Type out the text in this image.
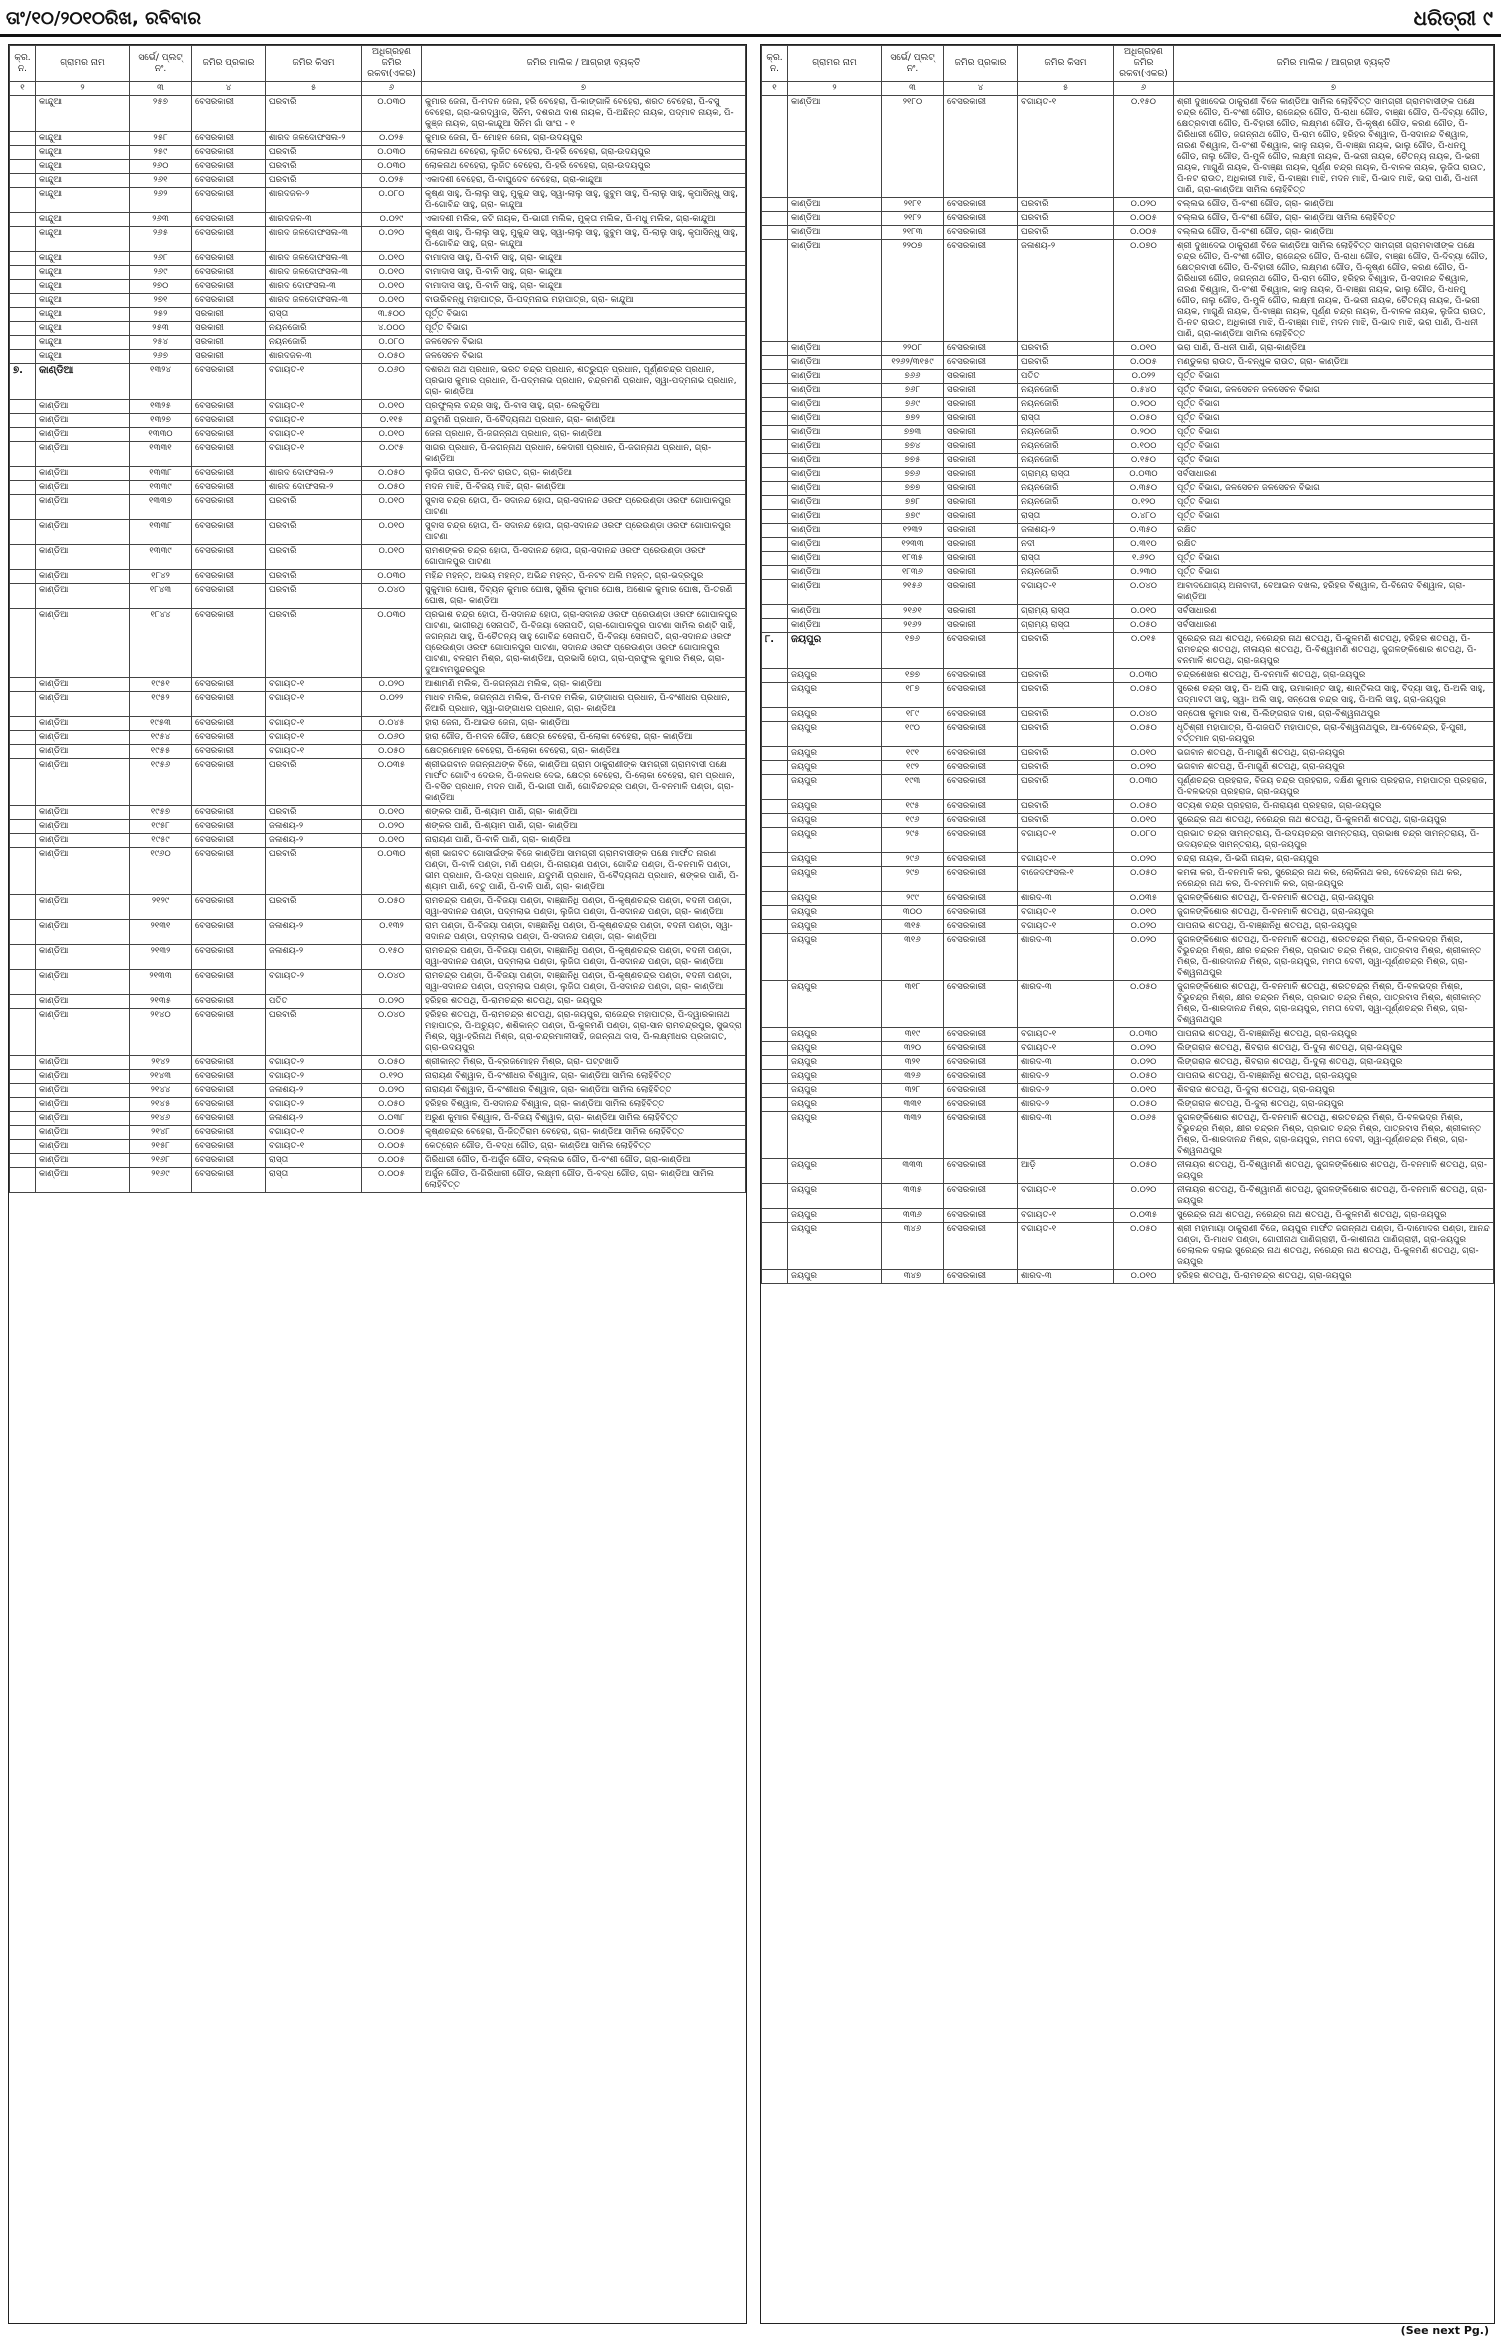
ତାଂ/୧୦/୨୦୧୦ରିଖ, ରବିବାର	ଧରିତ୍ରୀ ୯
କ୍ର. ନ.	ଗ୍ରାମର ନାମ	ସର୍ଭେ/ ପ୍ଲଟ୍ ନଂ.	ଜମିର ପ୍ରକାର	ଜମିର କିସମ	ଅଧିଗ୍ରହଣ ଜମିର ରକବା(ଏକର)	ଜମିର ମାଲିକ / ଆଗ୍ରହୀ ବ୍ୟକ୍ତି
୧	୨	୩	୪	୫	୬	୭
	କାନ୍ଦୁଆ	୨୫୭	ବେସରକାରୀ	ଘରବାରି	୦.୦୩୦	କୁମାର ଜେନା, ପି-ମଦନ ଜେନା, ହରି ବେହେରା, ପି-କାଙ୍ଗାଳି ବେହେରା, ଶରତ ବେହେରା, ପି-ବସୁ ବେହେରା, ଗ୍ରା-ଭରଦ୍ୱାଜ, ସିନିମ, ଦଶରଥ ଦାଶ ନାୟକ, ପି-ଅଛିନ୍ତ ନାୟକ, ପଦ୍ମାବ ନାୟକ, ପି-କୁଞ୍ଜ ନାୟକ, ଗ୍ରା-କାନ୍ଦୁଆ ସିନିମ ଗାଁ ସାଂଘ - ୧
	କାନ୍ଦୁଆ	୨୫୮	ବେସରକାରୀ	ଶାରଦ ଜଳଦୋଫସଲ-୨	୦.୦୨୫	କୁମାର ଜେନା, ପି- ମୋହନ ଜେନା, ଗ୍ରା-ଉଦୟପୁର
	କାନ୍ଦୁଆ	୨୫୯	ବେସରକାରୀ	ଘରବାରି	୦.୦୩୦	ଲୋକନାଥ ବେହେରା, ଲୁଜିତ ବେହେରା, ପି-ହରି ବେହେରା, ଗ୍ରା-ଉଦୟପୁର
	କାନ୍ଦୁଆ	୨୬୦	ବେସରକାରୀ	ଘରବାରି	୦.୦୩୦	ଲୋକନାଥ ବେହେରା, ଲୁଜିତ ବେହେରା, ପି-ହରି ବେହେରା, ଗ୍ରା-ଉଦୟପୁର
	କାନ୍ଦୁଆ	୨୬୧	ବେସରକାରୀ	ଘରବାରି	୦.୦୨୫	ଏକାଦଶୀ ବେହେରା, ପି-ବାଘୁଦେବ ବେହେରା, ଗ୍ରା-କାନ୍ଦୁଆ
	କାନ୍ଦୁଆ	୨୬୨	ବେସରକାରୀ	ଶାରଦଜଳ-୨	୦.୦୮୦	କୃଷ୍ଣ ସାହୁ, ପି-ଲାଲୁ ସାହୁ, ମୁକୁନ୍ଦ ସାହୁ, ସ୍ୱା-ଲାଲୁ ସାହୁ, ଜୁବୁମ ସାହୁ, ପି-ଲାଲୁ ସାହୁ, କୃପାସିନ୍ଧୁ ସାହୁ, ପି-ଗୋବିନ୍ଦ ସାହୁ, ଗ୍ରା- କାନ୍ଦୁଆ
	କାନ୍ଦୁଆ	୨୬୩	ବେସରକାରୀ	ଶାରଦଜଳ-୩	୦.୦୨୯	ଏକାଦଶୀ ମଲିକ, ଜଟି ନାୟକ, ପି-ଭାଗୀ ମଲିକ, ମୁକ୍ତା ମଲିକ, ପି-ମଧୁ ମଲିକ, ଗ୍ରା-କାନ୍ଦୁଆ
	କାନ୍ଦୁଆ	୨୬୫	ବେସରକାରୀ	ଶାରଦ ଜଳଦୋଫସଲ-୩	୦.୦୨୦	କୃଷ୍ଣ ସାହୁ, ପି-ଲାଲୁ ସାହୁ, ମୁକୁନ୍ଦ ସାହୁ, ସ୍ୱା-ଲାଲୁ ସାହୁ, ଜୁବୁମ ସାହୁ, ପି-ଲାଲୁ ସାହୁ, କୃପାସିନ୍ଧୁ ସାହୁ, ପି-ଗୋବିନ୍ଦ ସାହୁ, ଗ୍ରା- କାନ୍ଦୁଆ
	କାନ୍ଦୁଆ	୨୬୮	ବେସରକାରୀ	ଶାରଦ ଜଳଦୋଫସଲ-୩	୦.୦୧୦	ବାମାଦାସ ସାହୁ, ପି-ବାଳି ସାହୁ, ଗ୍ରା- କାନ୍ଦୁଆ
	କାନ୍ଦୁଆ	୨୬୯	ବେସରକାରୀ	ଶାରଦ ଜଳଦୋଫସଲ-୩	୦.୦୧୦	ବାମାଦାସ ସାହୁ, ପି-ବାଳି ସାହୁ, ଗ୍ରା- କାନ୍ଦୁଆ
	କାନ୍ଦୁଆ	୨୭୦	ବେସରକାରୀ	ଶାରଦ ଦୋଫସଲ-୩	୦.୦୧୦	ବାମାଦାସ ସାହୁ, ପି-ବାଳି ସାହୁ, ଗ୍ରା- କାନ୍ଦୁଆ
	କାନ୍ଦୁଆ	୨୭୧	ବେସରକାରୀ	ଶାରଦ ଜଳଦୋଫସଲ-୩	୦.୦୧୦	ବାଉରିବନ୍ଧୁ ମହାପାତ୍ର, ପି-ପଦ୍ମନାଭ ମହାପାତ୍ର, ଗ୍ରା- କାନ୍ଦୁଆ
	କାନ୍ଦୁଆ	୨୫୨	ସରକାରୀ	ରାସ୍ତା	୩.୫୦୦	ପୂର୍ତ୍ତ ବିଭାଗ
	କାନ୍ଦୁଆ	୨୫୩	ସରକାରୀ	ନୟନଜୋରି	୪.୦୦୦	ପୂର୍ତ୍ତ ବିଭାଗ
	କାନ୍ଦୁଆ	୨୫୪	ସରକାରୀ	ନୟନଜୋରି	୦.୦୮୦	ଜଳସେଚନ ବିଭାଗ
	କାନ୍ଦୁଆ	୨୬୭	ସରକାରୀ	ଶାରଦଜଳ-୩	୦.୦୫୦	ଜଳସେଚନ ବିଭାଗ
୭.	କାଣ୍ଡିଆ	୧୩୨୪	ବେସରକାରୀ	ବଗାୟତ-୧	୦.୦୬୦	ଦଶରଥ ନାଥ ପ୍ରଧାନ, ଭରତ ଚନ୍ଦ୍ର ପ୍ରଧାନ, ଶତ୍ରୁଘ୍ନ ପ୍ରଧାନ, ପୂର୍ଣ୍ଣଚନ୍ଦ୍ର ପ୍ରଧାନ, ପ୍ରଭାସ କୁମାର ପ୍ରଧାନ, ପି-ପଦ୍ମନାଭ ପ୍ରଧାନ, ଚନ୍ଦ୍ରମଣି ପ୍ରଧାନ, ସ୍ୱା-ପଦ୍ମନାଭ ପ୍ରଧାନ, ଗ୍ରା- କାଣ୍ଡିଆ
	କାଣ୍ଡିଆ	୧୩୨୫	ବେସରକାରୀ	ବଗାୟତ-୧	୦.୦୧୦	ପ୍ରଫୁଲ୍ଲ ଚନ୍ଦ୍ର ସାହୁ, ପି-ବାସ ସାହୁ, ଗ୍ରା- ଲେକୁଡିଆ
	କାଣ୍ଡିଆ	୧୩୨୭	ବେସରକାରୀ	ବଗାୟତ-୧	୦.୧୧୫	ଯଦୁମଣି ପ୍ରଧାନ, ପି-ବୈଦ୍ୟନାଥ ପ୍ରଧାନ, ଗ୍ରା- କାଣ୍ଡିଆ
	କାଣ୍ଡିଆ	୧୩୩୦	ବେସରକାରୀ	ବଗାୟତ-୧	୦.୦୧୦	ଜେନା ପ୍ରଧାନ, ପି-ଜଗନ୍ନାଥ ପ୍ରଧାନ, ଗ୍ରା- କାଣ୍ଡିଆ
	କାଣ୍ଡିଆ	୧୩୩୧	ବେସରକାରୀ	ବଗାୟତ-୧	୦.୦୯୫	ସାଗର ପ୍ରଧାନ, ପି-ଜଗନ୍ନାଥ ପ୍ରଧାନ, କେଦାରୀ ପ୍ରଧାନ, ପି-ଜଗନ୍ନାଥ ପ୍ରଧାନ, ଗ୍ରା- କାଣ୍ଡିଆ
	କାଣ୍ଡିଆ	୧୩୩୮	ବେସରକାରୀ	ଶାରଦ ଦୋଫସଲ-୨	୦.୦୫୦	ଲୁଜିତା ରାଉତ, ପି-ନଟ ରାଉତ, ଗ୍ରା- କାଣ୍ଡିଆ
	କାଣ୍ଡିଆ	୧୩୩୯	ବେସରକାରୀ	ଶାରଦ ଦୋଫସଲ-୨	୦.୦୫୦	ମଦନ ମାଝି, ପି-ବିଜୟ ମାଝି, ଗ୍ରା- କାଣ୍ଡିଆ
	କାଣ୍ଡିଆ	୧୩୩୭	ବେସରକାରୀ	ଘରବାରି	୦.୦୧୦	ସୁବାସ ଚନ୍ଦ୍ର ହୋତା, ପି- ସଦାନନ୍ଦ ହୋତା, ଗ୍ରା-ସଦାନନ୍ଦ ଓରଫ ପ୍ରେଉଣ୍ଡା ଓରଫ ଗୋପାଳପୁର ପାଟଣା
	କାଣ୍ଡିଆ	୧୩୩୮	ବେସରକାରୀ	ଘରବାରି	୦.୦୧୦	ସୁବାସ ଚନ୍ଦ୍ର ହୋତା, ପି- ସଦାନନ୍ଦ ହୋତା, ଗ୍ରା-ସଦାନନ୍ଦ ଓରଫ ପ୍ରେଉଣ୍ଡା ଓରଫ ଗୋପାଳପୁର ପାଟଣା
	କାଣ୍ଡିଆ	୧୩୩୯	ବେସରକାରୀ	ଘରବାରି	୦.୦୧୦	ରାମଶଙ୍କର ଚନ୍ଦ୍ର ହୋତା, ପି-ସଦାନନ୍ଦ ହୋତା, ଗ୍ରା-ସଦାନନ୍ଦ ଓରଫ ପ୍ରେଉଣ୍ଡା ଓରଫ ଗୋପାଳପୁର ପାଟଣା
	କାଣ୍ଡିଆ	୧୮୪୨	ବେସରକାରୀ	ଘରବାରି	୦.୦୩୦	ମହିନ୍ଦ ମହନ୍ତ, ଅଭୟ ମହନ୍ତ, ଅଭିନ୍ଦ ମହନ୍ତ, ପି-ନଟବ ଅଲି ମହନ୍ତ, ଗ୍ରା-ଭଦ୍ରପୁର
	କାଣ୍ଡିଆ	୧୮୪୩	ବେସରକାରୀ	ଘରବାରି	୦.୦୪୦	ସୁକୁମାର ଘୋଷ, ଦିବ୍ୟନ କୁମାର ଘୋଷ, ସୁଶିଲ କୁମାର ଘୋଷ, ଅଶୋକ କୁମାର ଘୋଷ, ପି-ତରଣି ଘୋଷ, ଗ୍ରା- କାଣ୍ଡିଆ
	କାଣ୍ଡିଆ	୧୮୪୪	ବେସରକାରୀ	ଘରବାରି	୦.୦୩୦	ପ୍ରଭାଶ ଚନ୍ଦ୍ର ହୋତା, ପି-ସଦାନନ୍ଦ ହୋତା, ଗ୍ରା-ସଦାନନ୍ଦ ଓରଫ ପ୍ରେଉଣ୍ଡା ଓରଫ ଗୋପାଳପୁର ପାଟଣା, ଭାଗୀରଥି ସେନାପତି, ପି-ବିଜୟା ସେନାପତି, ଗ୍ରା-ଗୋପାଳପୁର ପାଟଣା ସାମିଲ ରଣ୍ଟି ସାହି, ଜଗନ୍ନାଥ ସାହୁ, ପି-ଚୈତନ୍ୟ ସାହୁ ଗୋବିନ୍ଦ ସେନାପତି, ପି-ବିଜୟା ସେନାପତି, ଗ୍ରା-ସଦାନନ୍ଦ ଓରଫ ପ୍ରେଉଣ୍ଡା ଓରଫ ଗୋପାଳପୁର ପାଟଣା, ସଦାନନ୍ଦ ଓରଫ ପ୍ରେଉଣ୍ଡା ଓରଫ ଗୋପାଳପୁର ପାଟଣା, ବଳରାମ ମିଶ୍ର, ଗ୍ରା-କାଣ୍ଡିଆ, ପ୍ରଭାସି ହୋତା, ଗ୍ରା-ପ୍ରଫୁଲ କୁମାର ମିଶ୍ର, ଗ୍ରା-ଦୁଆବାମସୁନ୍ଦରପୁର
	କାଣ୍ଡିଆ	୧୯୫୧	ବେସରକାରୀ	ବଗାୟତ-୧	୦.୦୨୦	ଆଶାମଣି ମଲିକ, ପି-ଜଗନ୍ନାଥ ମଲିକ, ଗ୍ରା- କାଣ୍ଡିଆ
	କାଣ୍ଡିଆ	୧୯୫୨	ବେସରକାରୀ	ବଗାୟତ-୧	୦.୦୨୨	ମାଧବ ମଲିକ, ଜଗନ୍ନାଥ ମଲିକ, ପି-ମଦନ ମଲିକ, ଗଙ୍ଗାଧର ପ୍ରଧାନ, ପି-ବଂଶୀଧର ପ୍ରଧାନ, ନିଆରି ପ୍ରଧାନ, ସ୍ୱା-ଗଙ୍ଗାଧର ପ୍ରଧାନ, ଗ୍ରା- କାଣ୍ଡିଆ
	କାଣ୍ଡିଆ	୧୯୫୩	ବେସରକାରୀ	ବଗାୟତ-୧	୦.୦୪୫	ହାରା ଜେନା, ପି-ଆଇଡ ଜେନା, ଗ୍ରା- କାଣ୍ଡିଆ
	କାଣ୍ଡିଆ	୧୯୫୪	ବେସରକାରୀ	ବଗାୟତ-୧	୦.୦୬୦	ହାରା ଗୌଡ, ପି-ମଦନ ଗୌଡ, କ୍ଷେତ୍ର ବେହେରା, ପି-ଲୋକା ବେହେରା, ଗ୍ରା- କାଣ୍ଡିଆ
	କାଣ୍ଡିଆ	୧୯୫୫	ବେସରକାରୀ	ବଗାୟତ-୧	୦.୦୫୦	କ୍ଷେତ୍ରମୋହନ ବେହେରା, ପି-ଲୋକା ବେହେରା, ଗ୍ରା- କାଣ୍ଡିଆ
	କାଣ୍ଡିଆ	୧୯୫୬	ବେସରକାରୀ	ଘରବାରି	୦.୦୩୫	ଶ୍ରୀଭଗବାନ ଜଗନ୍ନାଥଙ୍କ ବିଜେ, କାଣ୍ଡିଆ ଗ୍ରାମ ଠାକୁରାଣୀଙ୍କ ସାମଗ୍ରୀ ଗ୍ରାମବାସୀ ପକ୍ଷେ ମାର୍ଫତ ଗୋଟିଏ ଦେଉଳ, ପି-ଜଳଧର ଦେଇ, କ୍ଷେତ୍ର ବେହେରା, ପି-ଲୋକା ବେହେରା, ରାମ ପ୍ରଧାନ, ପି-ବସିଚ ପ୍ରଧାନ, ମଦନ ପାଣି, ପି-ଭାଗୀ ପାଣି, ଗୋବିନ୍ଦଚନ୍ଦ୍ର ପଣ୍ଡା, ପି-ବନମାଳି ପଣ୍ଡା, ଗ୍ରା- କାଣ୍ଡିଆ
	କାଣ୍ଡିଆ	୧୯୫୭	ବେସରକାରୀ	ଘରବାରି	୦.୦୧୦	ଶଙ୍କର ପାଣି, ପି-ଶ୍ୟାମ ପାଣି, ଗ୍ରା- କାଣ୍ଡିଆ
	କାଣ୍ଡିଆ	୧୯୫୮	ବେସରକାରୀ	ଜଳାଶୟ-୨	୦.୦୨୦	ଶଙ୍କର ପାଣି, ପି-ଶ୍ୟାମ ପାଣି, ଗ୍ରା- କାଣ୍ଡିଆ
	କାଣ୍ଡିଆ	୧୯୫୯	ବେସରକାରୀ	ଜଳାଶୟ-୨	୦.୦୧୦	ନାରାୟଣ ପାଣି, ପି-ବାଳି ପାଣି, ଗ୍ରା- କାଣ୍ଡିଆ
	କାଣ୍ଡିଆ	୧୯୬୦	ବେସରକାରୀ	ଘରବାରି	୦.୦୩୦	ଶ୍ରୀ ଭାଗବତ ଗୋସାଇଁଙ୍କ ବିଜେ କାଣ୍ଡିଆ ସାମଗ୍ରୀ ଗ୍ରାମବାସୀଙ୍କ ପକ୍ଷେ ମାର୍ଫତ ନାରଣ ପଣ୍ଡା, ପି-ବାଳି ପଣ୍ଡା, ମଣି ପଣ୍ଡା, ପି-ନାରାୟଣ ପଣ୍ଡା, ଗୋବିନ୍ଦ ପଣ୍ଡା, ପି-ବନମାଳି ପଣ୍ଡା, ଭୀମ ପ୍ରଧାନ, ପି-ଉଦ୍ଧ ପ୍ରଧାନ, ଯଦୁମଣି ପ୍ରଧାନ, ପି-ବୈଦ୍ୟନାଥ ପ୍ରଧାନ, ଶଙ୍କର ପାଣି, ପି-ଶ୍ୟାମ ପାଣି, ବେତୁ ପାଣି, ପି-ବାଳି ପାଣି, ଗ୍ରା- କାଣ୍ଡିଆ
	କାଣ୍ଡିଆ	୨୧୨୯	ବେସରକାରୀ	ଘରବାରି	୦.୦୫୦	ରାମଚନ୍ଦ୍ର ପଣ୍ଡା, ପି-ବିଜୟା ପଣ୍ଡା, ବାଞ୍ଛାନିଧି ପଣ୍ଡା, ପି-କୃଷ୍ଣଚନ୍ଦ୍ର ପଣ୍ଡା, ବଦନୀ ପଣ୍ଡା, ସ୍ୱା-ସଦାନନ୍ଦ ପଣ୍ଡା, ପଦ୍ମଲାଭ ପଣ୍ଡା, ଲୁଜିତା ପଣ୍ଡା, ପି-ସଦାନନ୍ଦ ପଣ୍ଡା, ଗ୍ରା- କାଣ୍ଡିଆ
	କାଣ୍ଡିଆ	୨୧୩୧	ବେସରକାରୀ	ଜଳାଶୟ-୨	୦.୧୩୨	ରାମ ପଣ୍ଡା, ପି-ବିଜୟା ପଣ୍ଡା, ବାଞ୍ଛାନିଧି ପଣ୍ଡା, ପି-କୃଷ୍ଣଚନ୍ଦ୍ର ପଣ୍ଡା, ବଦନୀ ପଣ୍ଡା, ସ୍ୱା-ସଦାନନ୍ଦ ପଣ୍ଡା, ପଦ୍ମଲାଭ ପଣ୍ଡା, ପି-ସଦାନନ୍ଦ ପଣ୍ଡା, ଗ୍ରା- କାଣ୍ଡିଆ
	କାଣ୍ଡିଆ	୨୧୩୨	ବେସରକାରୀ	ଜଳାଶୟ-୨	୦.୧୫୦	ରାମଚନ୍ଦ୍ର ପଣ୍ଡା, ପି-ବିଜୟା ପଣ୍ଡା, ବାଞ୍ଛାନିଧି ପଣ୍ଡା, ପି-କୃଷ୍ଣଚନ୍ଦ୍ର ପଣ୍ଡା, ବଦନୀ ପଣ୍ଡା, ସ୍ୱା-ସଦାନନ୍ଦ ପଣ୍ଡା, ପଦ୍ମଲାଭ ପଣ୍ଡା, ଲୁଜିତା ପଣ୍ଡା, ପି-ସଦାନନ୍ଦ ପଣ୍ଡା, ଗ୍ରା- କାଣ୍ଡିଆ
	କାଣ୍ଡିଆ	୨୧୩୩	ବେସରକାରୀ	ବଗାୟତ-୨	୦.୦୪୦	ରାମଚନ୍ଦ୍ର ପଣ୍ଡା, ପି-ବିଜୟା ପଣ୍ଡା, ବାଞ୍ଛାନିଧି ପଣ୍ଡା, ପି-କୃଷ୍ଣଚନ୍ଦ୍ର ପଣ୍ଡା, ବଦନୀ ପଣ୍ଡା, ସ୍ୱା-ସଦାନନ୍ଦ ପଣ୍ଡା, ପଦ୍ମଲାଭ ପଣ୍ଡା, ଲୁଜିତା ପଣ୍ଡା, ପି-ସଦାନନ୍ଦ ପଣ୍ଡା, ଗ୍ରା- କାଣ୍ଡିଆ
	କାଣ୍ଡିଆ	୨୧୩୫	ବେସରକାରୀ	ପତିତ	୦.୦୨୦	ହରିହର ଶତପଥି, ପି-ରାମଚନ୍ଦ୍ର ଶତପଥି, ଗ୍ରା- ଜୟପୁର
	କାଣ୍ଡିଆ	୨୧୪୦	ବେସରକାରୀ	ଘରବାରି	୦.୦୪୦	ହରିହର ଶତପଥି, ପି-ରାମଚନ୍ଦ୍ର ଶତପଥି, ଗ୍ରା-ଜୟପୁର, ରାଜେନ୍ଦ୍ର ମହାପାତ୍ର, ପି-ଦ୍ୱାରକାନାଥ ମହାପାତ୍ର, ପି-ଅଚ୍ୟୁତ, ଶଶିକାନ୍ତ ପଣ୍ଡା, ପି-କୁଳମଣି ପଣ୍ଡା, ଗ୍ରା-ସାନ ରାମଚନ୍ଦ୍ରପୁର, ସୁଭଦ୍ରା ମିଶ୍ର, ସ୍ୱା-ହରିନାଥ ମିଶ୍ର, ଗ୍ରା-ଚନ୍ଦ୍ରମାଳୀସାହି, ଜଗନ୍ନାଥ ଦାସ, ପି-ଲକ୍ଷ୍ମୀଧର ପ୍ରଜାଗତ, ଗ୍ରା-ଉଦୟପୁର
	କାଣ୍ଡିଆ	୨୧୪୨	ବେସରକାରୀ	ବଗାୟତ-୨	୦.୦୫୦	ଶ୍ରୀକାନ୍ତ ମିଶ୍ର, ପି-ବ୍ରଜମୋହନ ମିଶ୍ର, ଗ୍ରା- ଘଟ୍ଟଖାଡି
	କାଣ୍ଡିଆ	୨୧୪୩	ବେସରକାରୀ	ବଗାୟତ-୨	୦.୧୨୦	ନାରାୟଣ ବିଶ୍ୱାଳ, ପି-ବଂଶୀଧର ବିଶ୍ୱାଳ, ଗ୍ରା- କାଣ୍ଡିଆ ସାମିଲ ଲୋହିବିତ୍ତ
	କାଣ୍ଡିଆ	୨୧୪୪	ବେସରକାରୀ	ଜଳାଶୟ-୨	୦.୦୨୦	ନାରାୟଣ ବିଶ୍ୱାଳ, ପି-ବଂଶୀଧର ବିଶ୍ୱାଳ, ଗ୍ରା- କାଣ୍ଡିଆ ସାମିଲ ଲୋହିବିତ୍ତ
	କାଣ୍ଡିଆ	୨୧୪୫	ବେସରକାରୀ	ବଗାୟତ-୨	୦.୦୫୦	ହରିହର ବିଶ୍ୱାଳ, ପି-ସଦାନନ୍ଦ ବିଶ୍ୱାଳ, ଗ୍ରା- କାଣ୍ଡିଆ ସାମିଲ ଲୋହିବିତ୍ତ
	କାଣ୍ଡିଆ	୨୧୪୬	ବେସରକାରୀ	ଜଳାଶୟ-୨	୦.୦୩୮	ଅରୁଣ କୁମାର ବିଶ୍ୱାଳ, ପି-ବିଜୟ ବିଶ୍ୱାଳ, ଗ୍ରା- କାଣ୍ଡିଆ ସାମିଲ ଲୋହିବିତ୍ତ
	କାଣ୍ଡିଆ	୨୧୪୮	ବେସରକାରୀ	ବଗାୟତ-୧	୦.୦୦୫	କୃଷ୍ଣଚନ୍ଦ୍ର ବେହେରା, ପି-ଜିତ୍ତିରାମ ବେହେରା, ଗ୍ରା- କାଣ୍ଡିଆ ସାମିଲ ଲୋହିବିତ୍ତ
	କାଣ୍ଡିଆ	୨୧୫୮	ବେସରକାରୀ	ବଗାୟତ-୧	୦.୦୦୫	କେତ୍ରୋନ ଗୌଡ, ପି-ବଦ୍ଧ ଗୌଡ, ଗ୍ରା- କାଣ୍ଡିଆ ସାମିଲ ଲୋହିବିତ୍ତ
	କାଣ୍ଡିଆ	୨୧୬୮	ବେସରକାରୀ	ରାସ୍ତା	୦.୦୦୫	ଗିରିଧାରୀ ଗୌଡ, ପି-ଅର୍ଜୁନ ଗୌଡ, ବଲ୍ଲଭ ଗୌଡ, ପି-ବଂଶୀ ଗୌଡ, ଗ୍ରା-କାଣ୍ଡିଆ
	କାଣ୍ଡିଆ	୨୧୬୯	ବେସରକାରୀ	ରାସ୍ତା	୦.୦୦୫	ଅର୍ଜୁନ ଗୌଡ, ପି-ଗିରିଧାରୀ ଗୌଡ, ଲକ୍ଷ୍ମୀ ଗୌଡ, ପି-ବଦ୍ଧ ଗୌଡ, ଗ୍ରା- କାଣ୍ଡିଆ ସାମିଲ ଲୋହିବିତ୍ତ
କ୍ର. ନ.	ଗ୍ରାମର ନାମ	ସର୍ଭେ/ ପ୍ଲଟ୍ ନଂ.	ଜମିର ପ୍ରକାର	ଜମିର କିସମ	ଅଧିଗ୍ରହଣ ଜମିର ରକବା(ଏକର)	ଜମିର ମାଲିକ / ଆଗ୍ରହୀ ବ୍ୟକ୍ତି
୧	୨	୩	୪	୫	୬	୭
	କାଣ୍ଡିଆ	୨୧୮୦	ବେସରକାରୀ	ବଗାୟତ-୧	୦.୧୫୦	ଶ୍ରୀ ଦୁଖାଦେଇ ଠାକୁରାଣୀ ବିଜେ କାଣ୍ଡିଆ ସାମିଲ ଲୋହିବିତ୍ତ ସାମଗ୍ରୀ ଗ୍ରାମବାସୀଙ୍କ ପକ୍ଷେ ଚନ୍ଦ୍ର ଗୌଡ, ପି-ବଂଶୀ ଗୌଡ, ରାଜେନ୍ଦ୍ର ଗୌଡ, ପି-ରାଧା ଗୌଡ, ବାଞ୍ଛା ଗୌଡ, ପି-ଦିବ୍ୟା ଗୌଡ, କ୍ଷେତ୍ରବାସୀ ଗୌଡ, ପି-ବିହାରୀ ଗୌଡ, ଲକ୍ଷ୍ମଣ ଗୌଡ, ପି-କୃଷ୍ଣ ଗୌଡ, କରଣ ଗୌଡ, ପି-ଗିରିଧାରୀ ଗୌଡ, ଜଗନ୍ନାଥ ଗୌଡ, ପି-ରାମ ଗୌଡ, ହରିହର ବିଶ୍ୱାଳ, ପି-ସଦାନନ୍ଦ ବିଶ୍ୱାଳ, ନାରଣ ବିଶ୍ୱାଳ, ପି-ବଂଶୀ ବିଶ୍ୱାଳ, କାଳୁ ନାୟକ, ପି-ବାଞ୍ଛା ନାୟକ, ଭାଲୁ ଗୌଡ, ପି-ଧନମୁ ଗୌଡ, ନାଲୁ ଗୌଡ, ପି-ମୁଳି ଗୌଡ, ଲକ୍ଷ୍ମୀ ନାୟକ, ପି-ଭରୀ ନାୟକ, ଚୈତନ୍ୟ ନାୟକ, ପି-ଭରୀ ନାୟକ, ମାଗୁଣି ନାୟକ, ପି-ବାଞ୍ଛା ନାୟକ, ପୂର୍ଣ୍ଣ ଚନ୍ଦ୍ର ନାୟକ, ପି-ବାଳକ ନାୟକ, ଲୁଜିତା ରାଉତ, ପି-ନଟ ରାଉତ, ଅଧିକାରୀ ମାଝି, ପି-ବାଞ୍ଛା ମାଝି, ମଦନ ମାଝି, ପି-ଭାଦ ମାଝି, ଭରା ପାଣି, ପି-ଧନୀ ପାଣି, ଗ୍ରା-କାଣ୍ଡିଆ ସାମିଲ ଲୋହିବିତ୍ତ
	କାଣ୍ଡିଆ	୨୧୮୧	ବେସରକାରୀ	ଘରବାରି	୦.୦୨୦	ବଲ୍ଲଭ ଗୌଡ, ପି-ବଂଶୀ ଗୌଡ, ଗ୍ରା- କାଣ୍ଡିଆ
	କାଣ୍ଡିଆ	୨୧୮୨	ବେସରକାରୀ	ଘରବାରି	୦.୦୦୫	ବଲ୍ଲଭ ଗୌଡ, ପି-ବଂଶୀ ଗୌଡ, ଗ୍ରା- କାଣ୍ଡିଆ ସାମିଲ ଲୋହିବିତ୍ତ
	କାଣ୍ଡିଆ	୨୧୮୩	ବେସରକାରୀ	ଘରବାରି	୦.୦୦୫	ବଲ୍ଲଭ ଗୌଡ, ପି-ବଂଶୀ ଗୌଡ, ଗ୍ରା- କାଣ୍ଡିଆ
	କାଣ୍ଡିଆ	୨୨୦୭	ବେସରକାରୀ	ଜଳାଶୟ-୨	୦.୦୭୦	ଶ୍ରୀ ଦୁଖାଦେଇ ଠାକୁରାଣୀ ବିଜେ କାଣ୍ଡିଆ ସାମିଲ ଲୋହିବିତ୍ତ ସାମଗ୍ରୀ ଗ୍ରାମବାସୀଙ୍କ ପକ୍ଷେ ଚନ୍ଦ୍ର ଗୌଡ, ପି-ବଂଶୀ ଗୌଡ, ରାଜେନ୍ଦ୍ର ଗୌଡ, ପି-ରାଧା ଗୌଡ, ବାଞ୍ଛା ଗୌଡ, ପି-ଦିବ୍ୟା ଗୌଡ, କ୍ଷେତ୍ରବାସୀ ଗୌଡ, ପି-ବିହାରୀ ଗୌଡ, ଲକ୍ଷ୍ମଣ ଗୌଡ, ପି-କୃଷ୍ଣ ଗୌଡ, କରଣ ଗୌଡ, ପି-ଗିରିଧାରୀ ଗୌଡ, ଜଗନ୍ନାଥ ଗୌଡ, ପି-ରାମ ଗୌଡ, ହରିହର ବିଶ୍ୱାଳ, ପି-ସଦାନନ୍ଦ ବିଶ୍ୱାଳ, ନାରଣ ବିଶ୍ୱାଳ, ପି-ବଂଶୀ ବିଶ୍ୱାଳ, କାଳୁ ନାୟକ, ପି-ବାଞ୍ଛା ନାୟକ, ଭାଲୁ ଗୌଡ, ପି-ଧନମୁ ଗୌଡ, ନାଲୁ ଗୌଡ, ପି-ମୁଳି ଗୌଡ, ଲକ୍ଷ୍ମୀ ନାୟକ, ପି-ଭରୀ ନାୟକ, ଚୈତନ୍ୟ ନାୟକ, ପି-ଭରୀ ନାୟକ, ମାଗୁଣି ନାୟକ, ପି-ବାଞ୍ଛା ନାୟକ, ପୂର୍ଣ୍ଣ ଚନ୍ଦ୍ର ନାୟକ, ପି-ବାଳକ ନାୟକ, ଲୁଜିତା ରାଉତ, ପି-ନଟ ରାଉତ, ଅଧିକାରୀ ମାଝି, ପି-ବାଞ୍ଛା ମାଝି, ମଦନ ମାଝି, ପି-ଭାଦ ମାଝି, ଭରା ପାଣି, ପି-ଧନୀ ପାଣି, ଗ୍ରା-କାଣ୍ଡିଆ ସାମିଲ ଲୋହିବିତ୍ତ
	କାଣ୍ଡିଆ	୨୨୦୮	ବେସରକାରୀ	ଘରବାରି	୦.୦୧୦	ଭରା ପାଣି, ପି-ଧନୀ ପାଣି, ଗ୍ରା-କାଣ୍ଡିଆ
	କାଣ୍ଡିଆ	୧୨୬୨/୩୧୫୯	ବେସରକାରୀ	ଘରବାରି	୦.୦୦୫	ମଣ୍ଡୁକରା ରାଉତ, ପି-ବନ୍ଧୁକ ରାଉତ, ଗ୍ରା- କାଣ୍ଡିଆ
	କାଣ୍ଡିଆ	୭୬୬	ସରକାରୀ	ପତିତ	୦.୦୨୨	ପୂର୍ତ୍ତ ବିଭାଗ
	କାଣ୍ଡିଆ	୭୬୮	ସରକାରୀ	ନୟନଜୋରି	୦.୫୪୦	ପୂର୍ତ୍ତ ବିଭାଗ, ଜଳସେଚନ ଜଳସେଚନ ବିଭାଗ
	କାଣ୍ଡିଆ	୭୬୯	ସରକାରୀ	ନୟନଜୋରି	୦.୨୦୦	ପୂର୍ତ୍ତ ବିଭାଗ
	କାଣ୍ଡିଆ	୭୭୨	ସରକାରୀ	ରାସ୍ତା	୦.୦୫୦	ପୂର୍ତ୍ତ ବିଭାଗ
	କାଣ୍ଡିଆ	୭୭୩	ସରକାରୀ	ନୟନଜୋରି	୦.୨୦୦	ପୂର୍ତ୍ତ ବିଭାଗ
	କାଣ୍ଡିଆ	୭୭୪	ସରକାରୀ	ନୟନଜୋରି	୦.୧୦୦	ପୂର୍ତ୍ତ ବିଭାଗ
	କାଣ୍ଡିଆ	୭୭୫	ସରକାରୀ	ନୟନଜୋରି	୦.୧୫୦	ପୂର୍ତ୍ତ ବିଭାଗ
	କାଣ୍ଡିଆ	୭୭୬	ସରକାରୀ	ଗ୍ରାମ୍ୟ ରାସ୍ତା	୦.୦୩୦	ସର୍ବସାଧାରଣ
	କାଣ୍ଡିଆ	୭୭୭	ସରକାରୀ	ନୟନଜୋରି	୦.୩୫୦	ପୂର୍ତ୍ତ ବିଭାଗ, ଜଳସେଚନ ଜଳସେଚନ ବିଭାଗ
	କାଣ୍ଡିଆ	୭୭୮	ସରକାରୀ	ନୟନଜୋରି	୦.୧୨୦	ପୂର୍ତ୍ତ ବିଭାଗ
	କାଣ୍ଡିଆ	୭୭୯	ସରକାରୀ	ରାସ୍ତା	୦.୪୮୦	ପୂର୍ତ୍ତ ବିଭାଗ
	କାଣ୍ଡିଆ	୧୨୩୨	ସରକାରୀ	ଜଳାଶୟ-୨	୦.୩୫୦	ରକ୍ଷିତ
	କାଣ୍ଡିଆ	୧୨୩୩	ସରକାରୀ	ନଦୀ	୦.୩୧୦	ରକ୍ଷିତ
	କାଣ୍ଡିଆ	୧୮୩୫	ସରକାରୀ	ରାସ୍ତା	୧.୬୨୦	ପୂର୍ତ୍ତ ବିଭାଗ
	କାଣ୍ଡିଆ	୧୮୩୬	ସରକାରୀ	ନୟନଜୋରି	୦.୨୩୦	ପୂର୍ତ୍ତ ବିଭାଗ
	କାଣ୍ଡିଆ	୨୧୫୬	ସରକାରୀ	ବଗାୟତ-୧	୦.୦୪୦	ଆବାଦଯୋଗ୍ୟ ଅନାବାଦୀ, ବେଆଇନ ଦଖଲ, ହରିହର ବିଶ୍ୱାଳ, ପି-ବିନୋଦ ବିଶ୍ୱାଳ, ଗ୍ରା- କାଣ୍ଡିଆ
	କାଣ୍ଡିଆ	୨୧୬୧	ସରକାରୀ	ଗ୍ରାମ୍ୟ ରାସ୍ତା	୦.୦୧୦	ସର୍ବସାଧାରଣ
	କାଣ୍ଡିଆ	୨୧୬୨	ସରକାରୀ	ଗ୍ରାମ୍ୟ ରାସ୍ତା	୦.୦୫୦	ସର୍ବସାଧାରଣ
୮.	ଜୟପୁର	୧୭୬	ବେସରକାରୀ	ଘରବାରି	୦.୦୧୫	ସୁରେନ୍ଦ୍ର ନାଥ ଶତପଥି, ନରେନ୍ଦ୍ର ନାଥ ଶତପଥି, ପି-କୁଳମଣି ଶତପଥି, ହରିହର ଶତପଥି, ପି-ରାମଚନ୍ଦ୍ର ଶତପଥି, ନୀଳାୟର ଶତପଥି, ପି-ବିଶ୍ୱାମଣି ଶତପଥି, ଜୁଗଳଙ୍କିଶୋର ଶତପଥି, ପି-ବନମାଳି ଶତପଥି, ଗ୍ରା-ଜୟପୁର
	ଜୟପୁର	୧୭୭	ବେସରକାରୀ	ଘରବାରି	୦.୦୩୦	ଚନ୍ଦ୍ରଶେଖର ଶତପଥି, ପି-ବନମାଳି ଶତପଥି, ଗ୍ରା-ଜୟପୁର
	ଜୟପୁର	୧୮୭	ବେସରକାରୀ	ଘରବାରି	୦.୦୫୦	ସୁରେଶ ଚନ୍ଦ୍ର ସାହୁ, ପି- ଅଲି ସାହୁ, ଉମାକାନ୍ତ ସାହୁ, ଶାନ୍ତିଲତା ସାହୁ, ବିଦ୍ୟା ସାହୁ, ପି-ଅଲି ସାହୁ, ପଦ୍ମାବତୀ ସାହୁ, ସ୍ୱା- ଅଲି ସାହୁ, ସନ୍ତୋଷ ଚନ୍ଦ୍ର ସାହୁ, ପି-ଅଲି ସାହୁ, ଗ୍ରା-ଜୟପୁର
	ଜୟପୁର	୧୮୯	ବେସରକାରୀ	ଘରବାରି	୦.୦୪୦	ସନ୍ତୋଷ କୁମାର ଦାଶ, ପି-ଲିଙ୍ଗରାଜ ଦାଶ, ଗ୍ରା-ବିଶ୍ୱନାଥପୁର
	ଜୟପୁର	୧୯୦	ବେସରକାରୀ	ଘରବାରି	୦.୦୫୦	ଧୃତିଶ୍ରୀ ମହାପାତ୍ର, ପି-ଗଜପତି ମହାପାତ୍ର, ଗ୍ରା-ବିଶ୍ୱନାଥପୁର, ଆ-ଦେବେନ୍ଦ୍ର, ହି-ପୁରୀ, ବର୍ତ୍ତମାନ ଗ୍ରା-ଜୟପୁର
	ଜୟପୁର	୧୯୧	ବେସରକାରୀ	ଘରବାରି	୦.୦୧୦	ଭଗବାନ ଶତପଥି, ପି-ମାଗୁଣି ଶତପଥି, ଗ୍ରା-ଜୟପୁର
	ଜୟପୁର	୧୯୨	ବେସରକାରୀ	ଘରବାରି	୦.୦୨୦	ଭଗବାନ ଶତପଥି, ପି-ମାଗୁଣି ଶତପଥି, ଗ୍ରା-ଜୟପୁର
	ଜୟପୁର	୧୯୩	ବେସରକାରୀ	ଘରବାରି	୦.୦୩୦	ପୂର୍ଣ୍ଣଚନ୍ଦ୍ର ପ୍ରହରାଜ, ବିଜୟ ଚନ୍ଦ୍ର ପ୍ରହରାଜ, ଦକ୍ଷିଣ କୁମାର ପ୍ରହରାଜ, ମହାପାତ୍ର ପ୍ରହରାଜ, ପି-ବଳଭଦ୍ର ପ୍ରହରାଜ, ଗ୍ରା-ଜୟପୁର
	ଜୟପୁର	୧୯୫	ବେସରକାରୀ	ଘରବାରି	୦.୦୫୦	ସତ୍ୟଶ ଚନ୍ଦ୍ର ପ୍ରହରାଜ, ପି-ନାରାୟଣ ପ୍ରହରାଜ, ଗ୍ରା-ଜୟପୁର
	ଜୟପୁର	୧୯୬	ବେସରକାରୀ	ଘରବାରି	୦.୦୧୦	ସୁରେନ୍ଦ୍ର ନାଥ ଶତପଥି, ନରେନ୍ଦ୍ର ନାଥ ଶତପଥି, ପି-କୁଳମଣି ଶତପଥି, ଗ୍ରା-ଜୟପୁର
	ଜୟପୁର	୨୯୫	ବେସରକାରୀ	ବଗାୟତ-୧	୦.୦୮୦	ପ୍ରଭାତ ଚନ୍ଦ୍ର ସାମନ୍ତରାୟ, ପି-ଉଦୟଚନ୍ଦ୍ର ସାମନ୍ତରାୟ, ପ୍ରଭାଷ ଚନ୍ଦ୍ର ସାମନ୍ତରାୟ, ପି-ଉଦୟଚନ୍ଦ୍ର ସାମନ୍ତରାୟ, ଗ୍ରା-ଜୟପୁର
	ଜୟପୁର	୨୯୬	ବେସରକାରୀ	ବଗାୟତ-୧	୦.୦୨୦	ଚନ୍ଦ୍ରା ନାୟକ, ପି-ଭଗି ନାୟକ, ଗ୍ରା-ଜୟପୁର
	ଜୟପୁର	୨୯୭	ବେସରକାରୀ	ବାଜେଦଫସଲ-୧	୦.୦୫୦	କମଳା କର, ପି-ବନମାଳି କର, ସୁରେନ୍ଦ୍ର ନାଥ କର, ଲୋକିନାଥ କର, ଦେବେନ୍ଦ୍ର ନାଥ କର, ନରେନ୍ଦ୍ର ନାଥ କର, ପି-ବନମାଳି କର, ଗ୍ରା-ଜୟପୁର
	ଜୟପୁର	୨୯୯	ବେସରକାରୀ	ଶାରଦ-୩	୦.୦୩୫	ଜୁଗଳଙ୍କିଶୋର ଶତପଥି, ପି-ବନମାଳି ଶତପଥି, ଗ୍ରା-ଜୟପୁର
	ଜୟପୁର	୩୦୦	ବେସରକାରୀ	ବଗାୟତ-୧	୦.୦୧୦	ଜୁଗଳଙ୍କିଶୋର ଶତପଥି, ପି-ବନମାଳି ଶତପଥି, ଗ୍ରା-ଜୟପୁର
	ଜୟପୁର	୩୧୫	ବେସରକାରୀ	ବଗାୟତ-୧	୦.୦୨୦	ପାପନାଭ ଶତପଥି, ପି-ବାଞ୍ଛାନିଧି ଶତପଥି, ଗ୍ରା-ଜୟପୁର
	ଜୟପୁର	୩୧୬	ବେସରକାରୀ	ଶାରଦ-୩	୦.୦୨୦	ଜୁଗଳଙ୍କିଶୋର ଶତପଥି, ପି-ବନମାଳି ଶତପଥି, ଶରତଚନ୍ଦ୍ର ମିଶ୍ର, ପି-ବଳଭଦ୍ର ମିଶ୍ର, ବିଭୁଚନ୍ଦ୍ର ମିଶ୍ର, କ୍ଷୀର ଚନ୍ଦ୍ରନ ମିଶ୍ର, ପ୍ରଭାତ ଚନ୍ଦ୍ର ମିଶ୍ର, ପାତ୍ରବାସ ମିଶ୍ର, ଶ୍ରୀକାନ୍ତ ମିଶ୍ର, ପି-ଶାରଦାନନ୍ଦ ମିଶ୍ର, ଗ୍ରା-ଜୟପୁର, ମମତା ଦେବୀ, ସ୍ୱା-ପୂର୍ଣ୍ଣଚନ୍ଦ୍ର ମିଶ୍ର, ଗ୍ରା-ବିଶ୍ୱନାଥପୁର
	ଜୟପୁର	୩୧୮	ବେସରକାରୀ	ଶାରଦ-୩	୦.୦୫୦	ଜୁଗଳଙ୍କିଶୋର ଶତପଥି, ପି-ବନମାଳି ଶତପଥି, ଶରତଚନ୍ଦ୍ର ମିଶ୍ର, ପି-ବଳଭଦ୍ର ମିଶ୍ର, ବିଭୁଚନ୍ଦ୍ର ମିଶ୍ର, କ୍ଷୀର ଚନ୍ଦ୍ରନ ମିଶ୍ର, ପ୍ରଭାତ ଚନ୍ଦ୍ର ମିଶ୍ର, ପାତ୍ରବାସ ମିଶ୍ର, ଶ୍ରୀକାନ୍ତ ମିଶ୍ର, ପି-ଶାରଦାନନ୍ଦ ମିଶ୍ର, ଗ୍ରା-ଜୟପୁର, ମମତା ଦେବୀ, ସ୍ୱା-ପୂର୍ଣ୍ଣଚନ୍ଦ୍ର ମିଶ୍ର, ଗ୍ରା-ବିଶ୍ୱନାଥପୁର
	ଜୟପୁର	୩୧୯	ବେସରକାରୀ	ବଗାୟତ-୧	୦.୦୩୦	ପାପନାଭ ଶତପଥି, ପି-ବାଞ୍ଛାନିଧି ଶତପଥି, ଗ୍ରା-ଜୟପୁର
	ଜୟପୁର	୩୨୦	ବେସରକାରୀ	ବଗାୟତ-୧	୦.୦୨୦	ଲିଙ୍ଗରାଜ ଶତପଥି, ଶିବରାଜ ଶତପଥି, ପି-ଦୁଲା ଶତପଥି, ଗ୍ରା-ଜୟପୁର
	ଜୟପୁର	୩୨୧	ବେସରକାରୀ	ଶାରଦ-୩	୦.୦୨୦	ଲିଙ୍ଗରାଜ ଶତପଥି, ଶିବରାଜ ଶତପଥି, ପି-ଦୁଲା ଶତପଥି, ଗ୍ରା-ଜୟପୁର
	ଜୟପୁର	୩୨୬	ବେସରକାରୀ	ଶାରଦ-୨	୦.୦୫୦	ପାପନାଭ ଶତପଥି, ପି-ବାଞ୍ଛାନିଧି ଶତପଥି, ଗ୍ରା-ଜୟପୁର
	ଜୟପୁର	୩୨୮	ବେସରକାରୀ	ଶାରଦ-୨	୦.୦୧୦	ଶିବରାଜ ଶତପଥି, ପି-ଦୁଲା ଶତପଥି, ଗ୍ରା-ଜୟପୁର
	ଜୟପୁର	୩୩୧	ବେସରକାରୀ	ଶାରଦ-୨	୦.୦୫୦	ଲିଙ୍ଗରାଜ ଶତପଥି, ପି-ଦୁଲା ଶତପଥି, ଗ୍ରା-ଜୟପୁର
	ଜୟପୁର	୩୩୨	ବେସରକାରୀ	ଶାରଦ-୩	୦.୦୬୫	ଜୁଗଳଙ୍କିଶୋର ଶତପଥି, ପି-ବନମାଳି ଶତପଥି, ଶରତଚନ୍ଦ୍ର ମିଶ୍ର, ପି-ବଳଭଦ୍ର ମିଶ୍ର, ବିଭୁଚନ୍ଦ୍ର ମିଶ୍ର, କ୍ଷୀର ଚନ୍ଦ୍ରନ ମିଶ୍ର, ପ୍ରଭାତ ଚନ୍ଦ୍ର ମିଶ୍ର, ପାତ୍ରବାସ ମିଶ୍ର, ଶ୍ରୀକାନ୍ତ ମିଶ୍ର, ପି-ଶାରଦାନନ୍ଦ ମିଶ୍ର, ଗ୍ରା-ଜୟପୁର, ମମତା ଦେବୀ, ସ୍ୱା-ପୂର୍ଣ୍ଣଚନ୍ଦ୍ର ମିଶ୍ର, ଗ୍ରା-ବିଶ୍ୱନାଥପୁର
	ଜୟପୁର	୩୩୩	ବେସରକାରୀ	ଆଡ଼ି	୦.୦୫୦	ନୀଳାୟର ଶତପଥି, ପି-ବିଶ୍ୱାମଣି ଶତପଥି, ଜୁଗଳଙ୍କିଶୋର ଶତପଥି, ପି-ବନମାଳି ଶତପଥି, ଗ୍ରା-ଜୟପୁର
	ଜୟପୁର	୩୩୫	ବେସରକାରୀ	ବଗାୟତ-୧	୦.୦୨୦	ନୀଳାୟର ଶତପଥି, ପି-ବିଶ୍ୱାମଣି ଶତପଥି, ଜୁଗଳଙ୍କିଶୋର ଶତପଥି, ପି-ବନମାଳି ଶତପଥି, ଗ୍ରା-ଜୟପୁର
	ଜୟପୁର	୩୩୬	ବେସରକାରୀ	ବଗାୟତ-୧	୦.୦୩୫	ସୁରେନ୍ଦ୍ର ନାଥ ଶତପଥି, ନରେନ୍ଦ୍ର ନାଥ ଶତପଥି, ପି-କୁଳମଣି ଶତପଥି, ଗ୍ରା-ଜୟପୁର
	ଜୟପୁର	୩୪୬	ବେସରକାରୀ	ବଗାୟତ-୧	୦.୦୫୦	ଶ୍ରୀ ମହାମାୟା ଠାକୁରାଣୀ ବିଜେ, ଜୟପୁର ମାର୍ଫତ ଜଗନ୍ନାଥ ପଣ୍ଡା, ପି-ଦାମୋଦର ପଣ୍ଡା, ଆନନ୍ଦ ପଣ୍ଡା, ପି-ମାଧବ ପଣ୍ଡା, ଗୋପୀନାଥ ପାଣିଗ୍ରାହୀ, ପି-କାଶୀନାଥ ପାଣିଗ୍ରାହୀ, ଗ୍ରା-ଜୟପୁର ଚେଲାଲକ ଦଲାଇ ସୁରେନ୍ଦ୍ର ନାଥ ଶତପଥି, ନରେନ୍ଦ୍ର ନାଥ ଶତପଥି, ପି-କୁଳମଣି ଶତପଥି, ଗ୍ରା-ଜୟପୁର
	ଜୟପୁର	୩୪୭	ବେସରକାରୀ	ଶାରଦ-୩	୦.୦୧୦	ହରିହର ଶତପଥି, ପି-ରାମଚନ୍ଦ୍ର ଶତପଥି, ଗ୍ରା-ଜୟପୁର
(See next Pg.)
